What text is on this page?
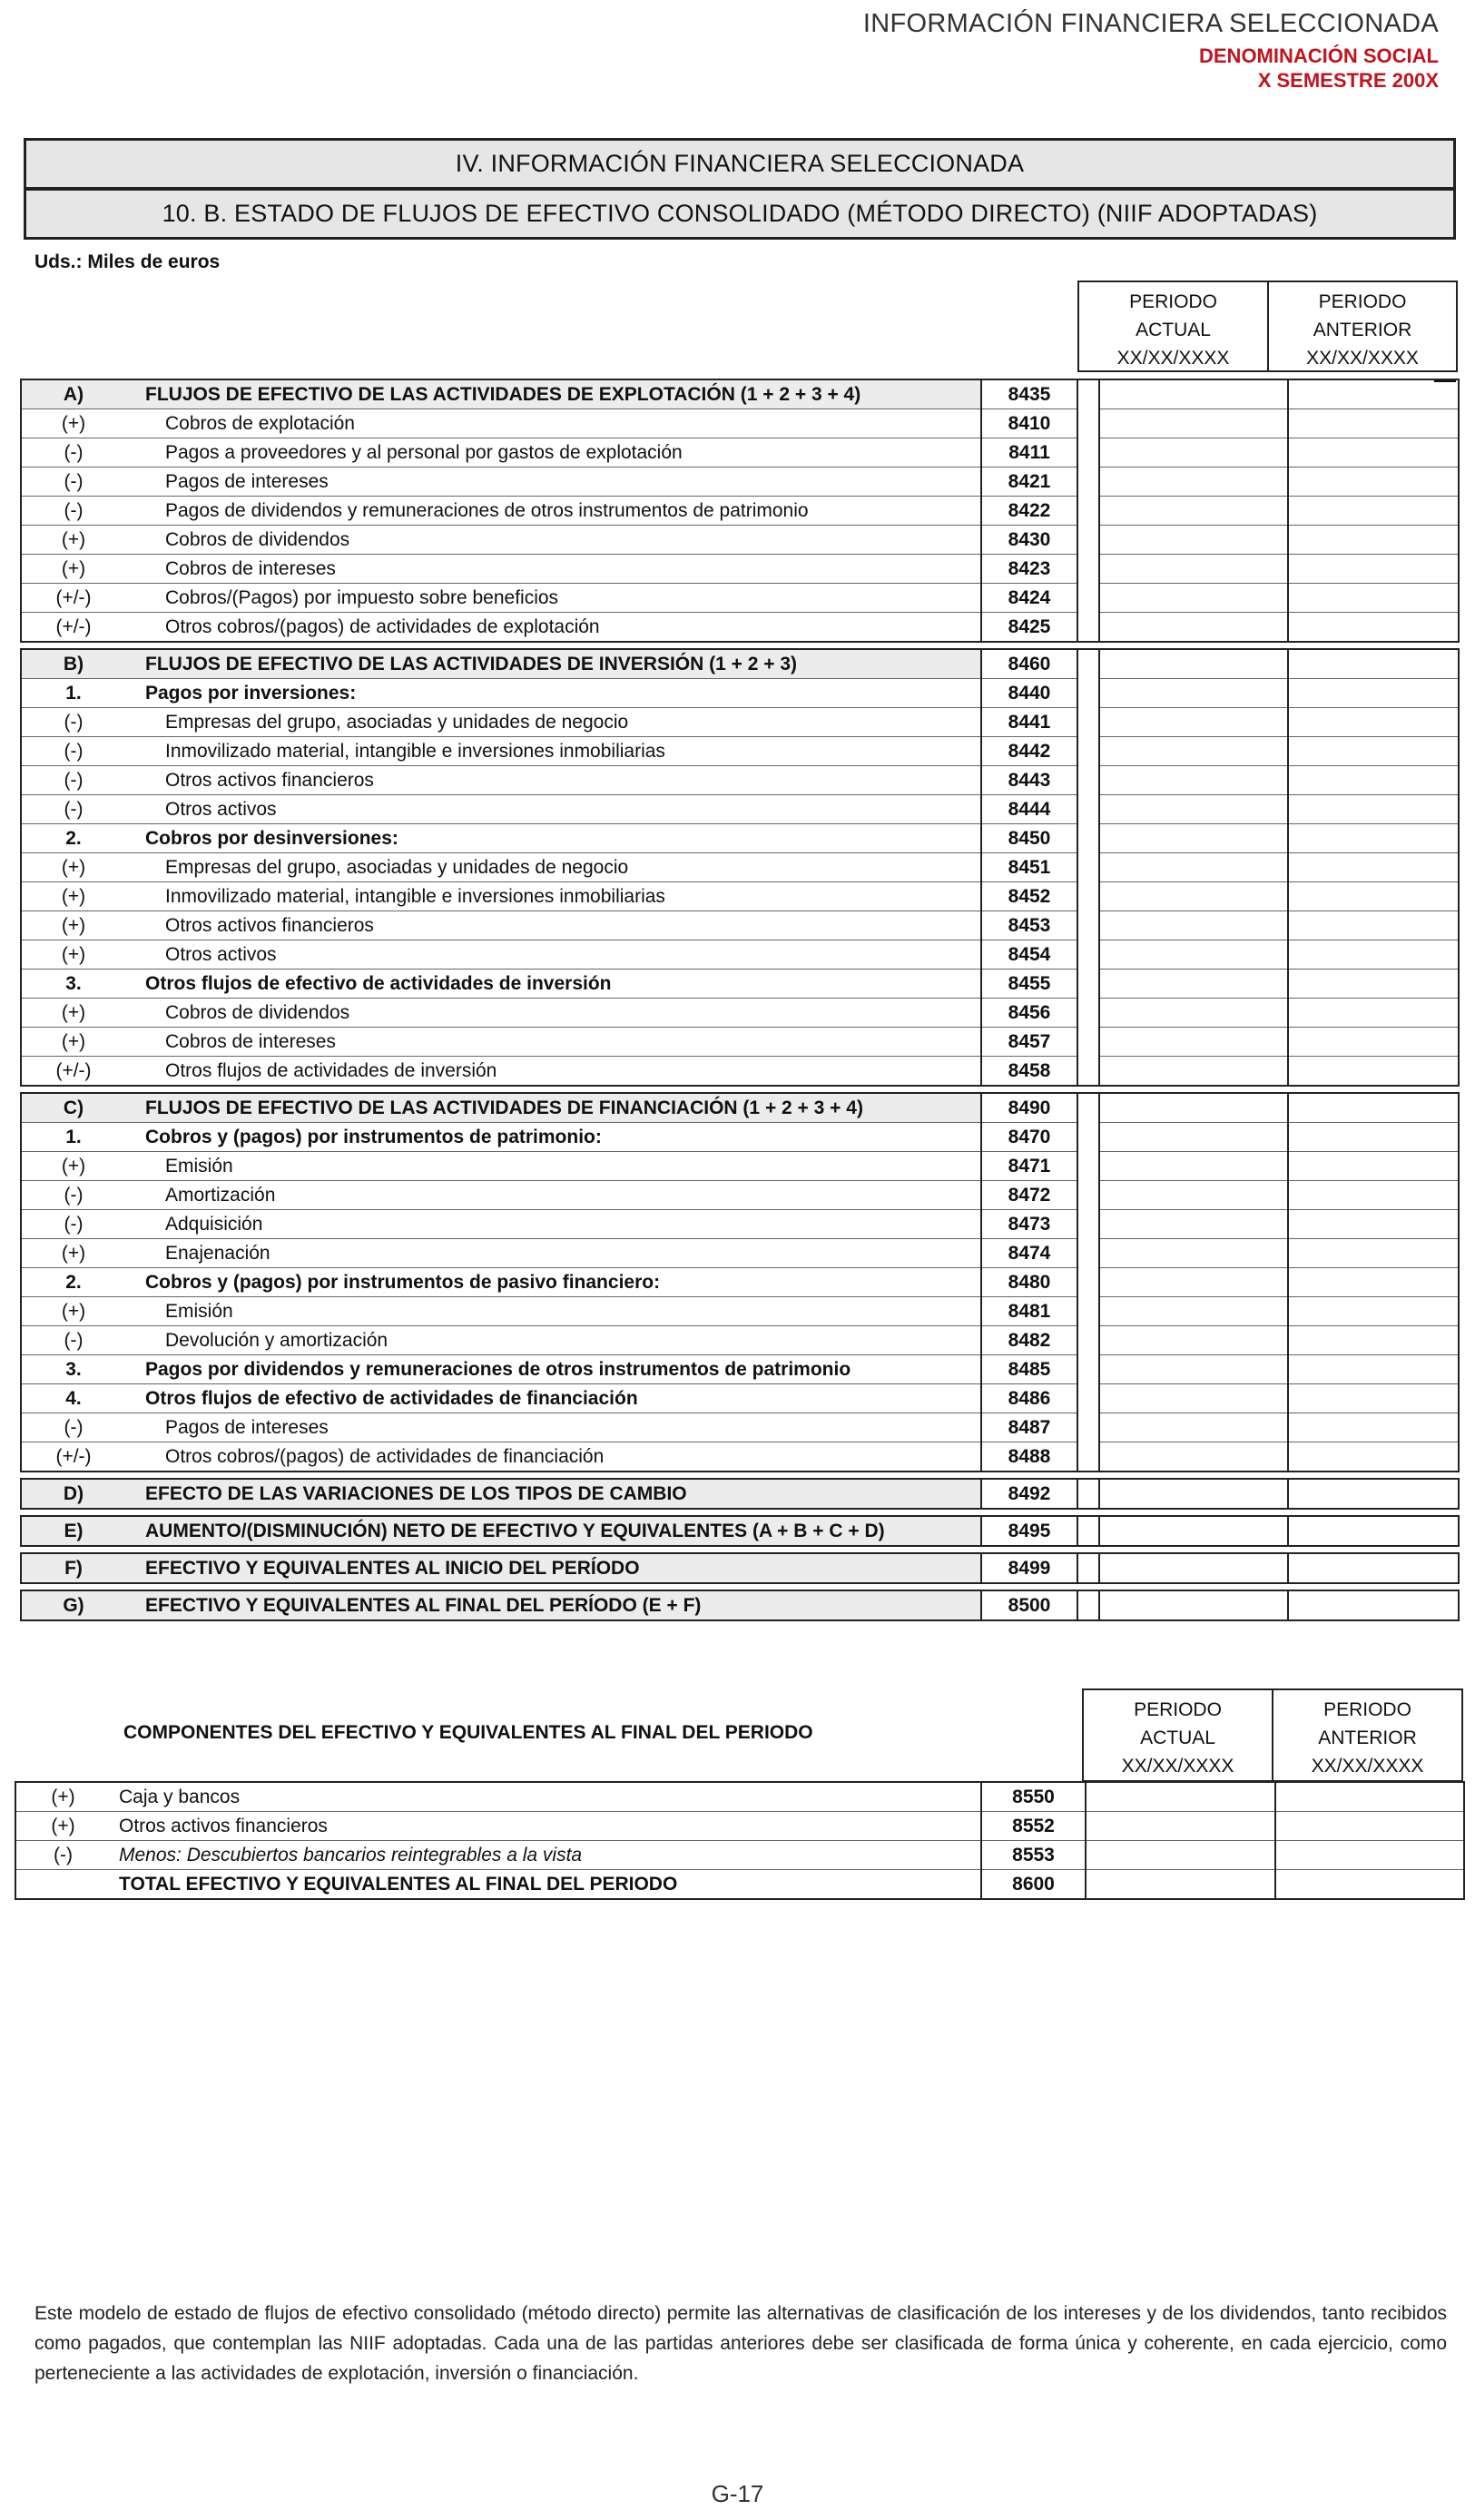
INFORMACIÓN FINANCIERA SELECCIONADA
DENOMINACIÓN SOCIAL
X SEMESTRE 200X
IV. INFORMACIÓN FINANCIERA SELECCIONADA
10. B. ESTADO DE FLUJOS DE EFECTIVO CONSOLIDADO (MÉTODO DIRECTO) (NIIF ADOPTADAS)
Uds.: Miles de euros
PERIODO
ACTUAL
XX/XX/XXXX
PERIODO
ANTERIOR
XX/XX/XXXX
A)	FLUJOS DE EFECTIVO DE LAS ACTIVIDADES DE EXPLOTACIÓN (1 + 2 + 3 + 4)	8435			
(+)	Cobros de explotación	8410			
(-)	Pagos a proveedores y al personal por gastos de explotación	8411			
(-)	Pagos de intereses	8421			
(-)	Pagos de dividendos y remuneraciones de otros instrumentos de patrimonio	8422			
(+)	Cobros de dividendos	8430			
(+)	Cobros de intereses	8423			
(+/-)	Cobros/(Pagos) por impuesto sobre beneficios	8424			
(+/-)	Otros cobros/(pagos) de actividades de explotación	8425			

B)	FLUJOS DE EFECTIVO DE LAS ACTIVIDADES DE INVERSIÓN (1 + 2 + 3)	8460			
1.	Pagos por inversiones:	8440			
(-)	Empresas del grupo, asociadas y unidades de negocio	8441			
(-)	Inmovilizado material, intangible e inversiones inmobiliarias	8442			
(-)	Otros activos financieros	8443			
(-)	Otros activos	8444			
2.	Cobros por desinversiones:	8450			
(+)	Empresas del grupo, asociadas y unidades de negocio	8451			
(+)	Inmovilizado material, intangible e inversiones inmobiliarias	8452			
(+)	Otros activos financieros	8453			
(+)	Otros activos	8454			
3.	Otros flujos de efectivo de actividades de inversión	8455			
(+)	Cobros de dividendos	8456			
(+)	Cobros de intereses	8457			
(+/-)	Otros flujos de actividades de inversión	8458			

C)	FLUJOS DE EFECTIVO DE LAS ACTIVIDADES DE FINANCIACIÓN (1 + 2 + 3 + 4)	8490			
1.	Cobros y (pagos) por instrumentos de patrimonio:	8470			
(+)	Emisión	8471			
(-)	Amortización	8472			
(-)	Adquisición	8473			
(+)	Enajenación	8474			
2.	Cobros y (pagos) por instrumentos de pasivo financiero:	8480			
(+)	Emisión	8481			
(-)	Devolución y amortización	8482			
3.	Pagos por dividendos y remuneraciones de otros instrumentos de patrimonio	8485			
4.	Otros flujos de efectivo de actividades de financiación	8486			
(-)	Pagos de intereses	8487			
(+/-)	Otros cobros/(pagos) de actividades de financiación	8488			

D)	EFECTO DE LAS VARIACIONES DE LOS TIPOS DE CAMBIO	8492			

E)	AUMENTO/(DISMINUCIÓN) NETO DE EFECTIVO Y EQUIVALENTES (A + B + C + D)	8495			

F)	EFECTIVO Y EQUIVALENTES AL INICIO DEL PERÍODO	8499			

G)	EFECTIVO Y EQUIVALENTES AL FINAL DEL PERÍODO (E + F)	8500			
COMPONENTES DEL EFECTIVO Y EQUIVALENTES AL FINAL DEL PERIODO
PERIODO
ACTUAL
XX/XX/XXXX
PERIODO
ANTERIOR
XX/XX/XXXX
(+)	Caja y bancos	8550			
(+)	Otros activos financieros	8552			
(-)	Menos: Descubiertos bancarios reintegrables a la vista	8553			
	TOTAL EFECTIVO Y EQUIVALENTES AL FINAL DEL PERIODO	8600			
Este modelo de estado de flujos de efectivo consolidado (método directo) permite las alternativas de clasificación de los intereses y de los dividendos, tanto recibidos como pagados, que contemplan las NIIF adoptadas. Cada una de las partidas anteriores debe ser clasificada de forma única y coherente, en cada ejercicio, como perteneciente a las actividades de explotación, inversión o financiación.
G-17
